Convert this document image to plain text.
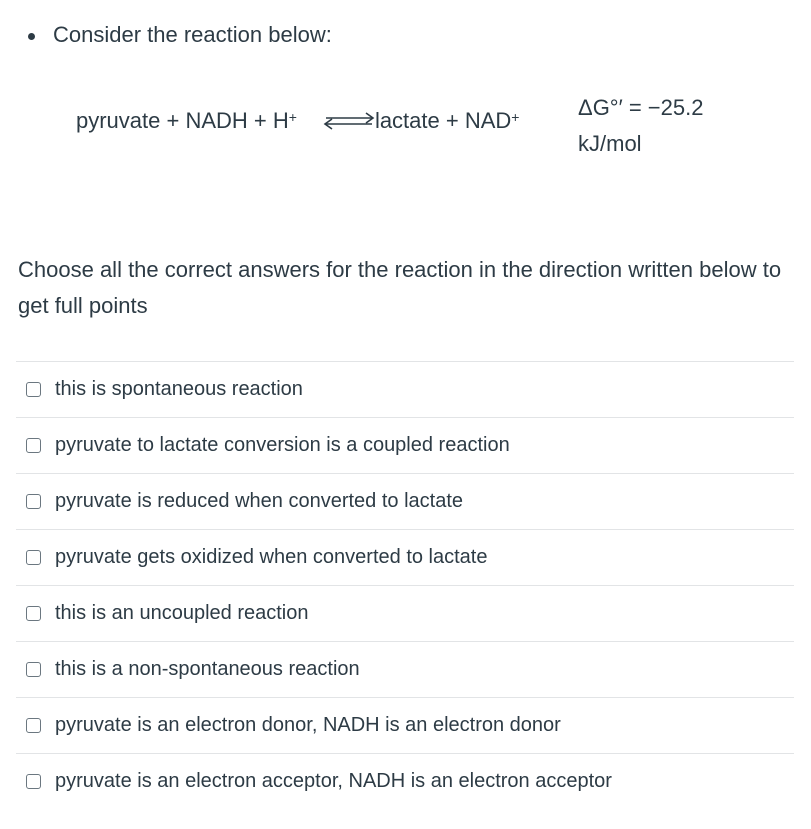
Consider the reaction below:
pyruvate + NADH + H+ ⇌ lactate + NAD+	ΔG°′ = −25.2
kJ/mol
Choose all the correct answers for the reaction in the direction written below to get full points
this is spontaneous reaction
pyruvate to lactate conversion is a coupled reaction
pyruvate is reduced when converted to lactate
pyruvate gets oxidized when converted to lactate
this is an uncoupled reaction
this is a non-spontaneous reaction
pyruvate is an electron donor, NADH is an electron donor
pyruvate is an electron acceptor, NADH is an electron acceptor
